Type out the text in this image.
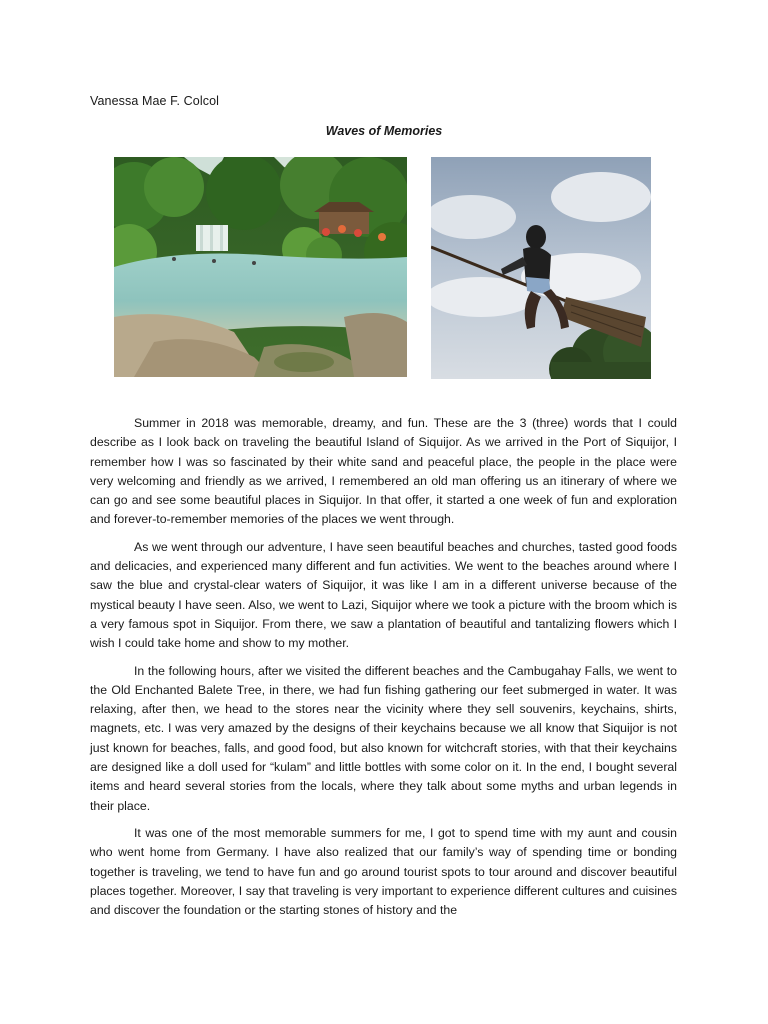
Vanessa Mae F. Colcol
Waves of Memories

Summer in 2018 was memorable, dreamy, and fun. These are the 3 (three) words that I could describe as I look back on traveling the beautiful Island of Siquijor. As we arrived in the Port of Siquijor, I remember how I was so fascinated by their white sand and peaceful place, the people in the place were very welcoming and friendly as we arrived, I remembered an old man offering us an itinerary of where we can go and see some beautiful places in Siquijor. In that offer, it started a one week of fun and exploration and forever-to-remember memories of the places we went through.

As we went through our adventure, I have seen beautiful beaches and churches, tasted good foods and delicacies, and experienced many different and fun activities. We went to the beaches around where I saw the blue and crystal-clear waters of Siquijor, it was like I am in a different universe because of the mystical beauty I have seen. Also, we went to Lazi, Siquijor where we took a picture with the broom which is a very famous spot in Siquijor. From there, we saw a plantation of beautiful and tantalizing flowers which I wish I could take home and show to my mother.

In the following hours, after we visited the different beaches and the Cambugahay Falls, we went to the Old Enchanted Balete Tree, in there, we had fun fishing gathering our feet submerged in water. It was relaxing, after then, we head to the stores near the vicinity where they sell souvenirs, keychains, shirts, magnets, etc. I was very amazed by the designs of their keychains because we all know that Siquijor is not just known for beaches, falls, and good food, but also known for witchcraft stories, with that their keychains are designed like a doll used for “kulam” and little bottles with some color on it. In the end, I bought several items and heard several stories from the locals, where they talk about some myths and urban legends in their place.

It was one of the most memorable summers for me, I got to spend time with my aunt and cousin who went home from Germany. I have also realized that our family’s way of spending time or bonding together is traveling, we tend to have fun and go around tourist spots to tour around and discover beautiful places together. Moreover, I say that traveling is very important to experience different cultures and cuisines and discover the foundation or the starting stones of history and the
